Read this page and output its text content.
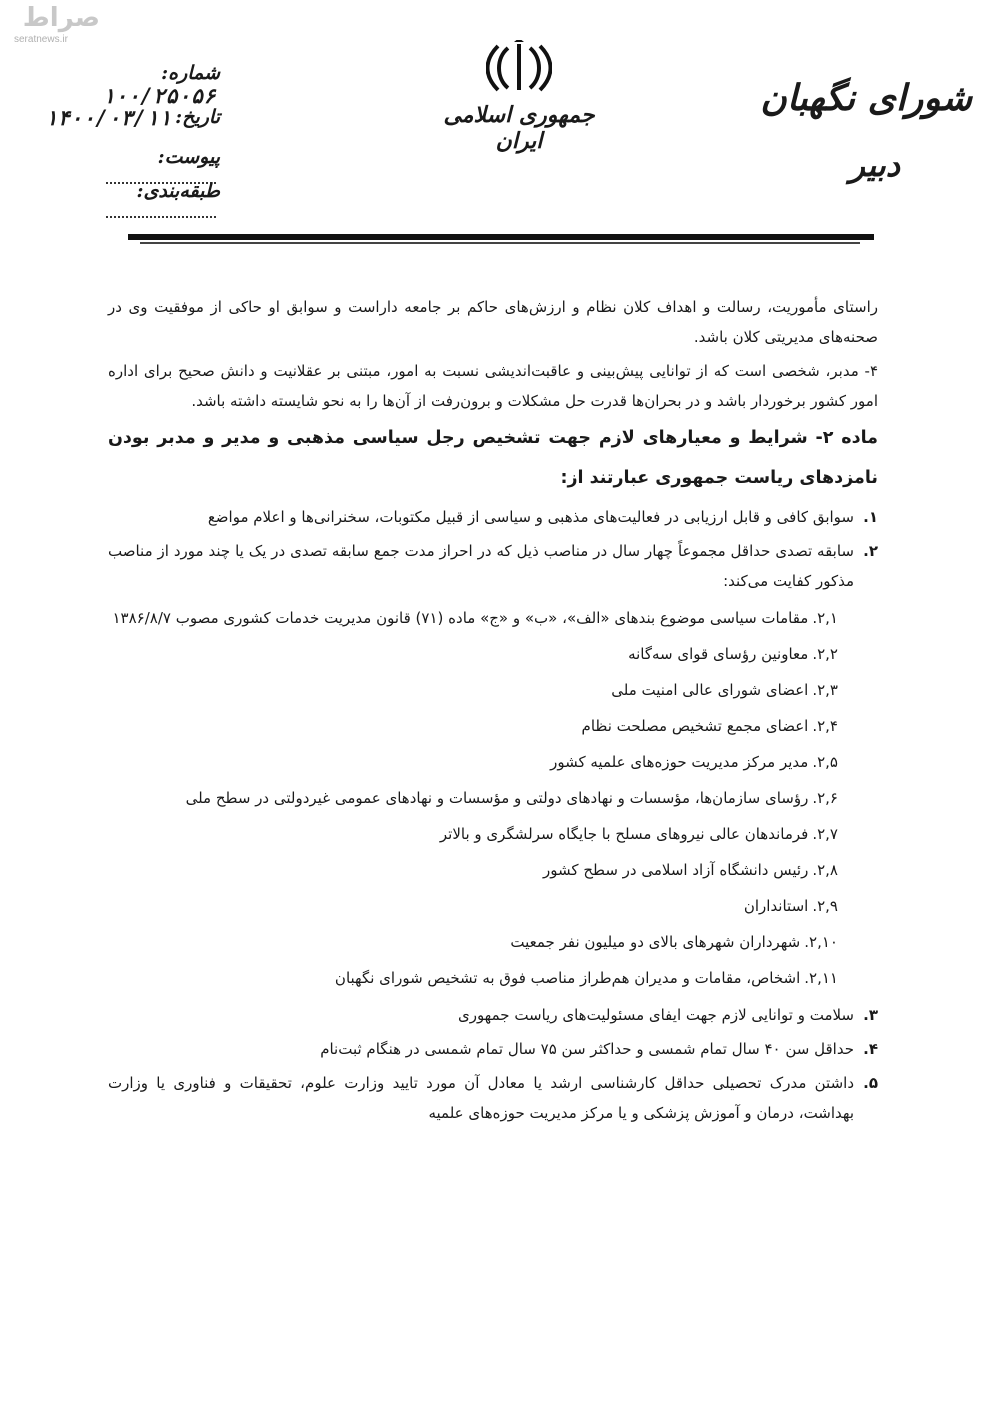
صراط
seratnews.ir
شماره:
۱۰۰/۲۵۰۵۶
تاریخ:
۱۴۰۰/۰۳/۱۱
پیوست:
طبقه‌بندی:
جمهوری اسلامی ایران
شورای نگهبان
دبیر

راستای مأموریت، رسالت و اهداف کلان نظام و ارزش‌های حاکم بر جامعه داراست و سوابق او حاکی از موفقیت وی در صحنه‌های مدیریتی کلان باشد.

۴- مدبر، شخصی است که از توانایی پیش‌بینی و عاقبت‌اندیشی نسبت به امور، مبتنی بر عقلانیت و دانش صحیح برای اداره امور کشور برخوردار باشد و در بحران‌ها قدرت حل مشکلات و برون‌رفت از آن‌ها را به نحو شایسته داشته باشد.

ماده ۲- شرایط و معیارهای لازم جهت تشخیص رجل سیاسی مذهبی و مدیر و مدبر بودن نامزدهای ریاست جمهوری عبارتند از:

۱.
سوابق کافی و قابل ارزیابی در فعالیت‌های مذهبی و سیاسی از قبیل مکتوبات، سخنرانی‌ها و اعلام مواضع
۲.
سابقه تصدی حداقل مجموعاً چهار سال در مناصب ذیل که در احراز مدت جمع سابقه تصدی در یک یا چند مورد از مناصب مذکور کفایت می‌کند:
۲,۱.مقامات سیاسی موضوع بندهای «الف»، «ب» و «ج» ماده (۷۱) قانون مدیریت خدمات کشوری مصوب ۱۳۸۶/۸/۷
۲,۲.معاونین رؤسای قوای سه‌گانه
۲,۳.اعضای شورای عالی امنیت ملی
۲,۴.اعضای مجمع تشخیص مصلحت نظام
۲,۵.مدیر مرکز مدیریت حوزه‌های علمیه کشور
۲,۶.رؤسای سازمان‌ها، مؤسسات و نهادهای دولتی و مؤسسات و نهادهای عمومی غیردولتی در سطح ملی
۲,۷.فرماندهان عالی نیروهای مسلح با جایگاه سرلشگری و بالاتر
۲,۸.رئیس دانشگاه آزاد اسلامی در سطح کشور
۲,۹.استانداران
۲,۱۰.شهرداران شهرهای بالای دو میلیون نفر جمعیت
۲,۱۱.اشخاص، مقامات و مدیران هم‌طراز مناصب فوق به تشخیص شورای نگهبان
۳.
سلامت و توانایی لازم جهت ایفای مسئولیت‌های ریاست جمهوری
۴.
حداقل سن ۴۰ سال تمام شمسی و حداکثر سن ۷۵ سال تمام شمسی در هنگام ثبت‌نام
۵.
داشتن مدرک تحصیلی حداقل کارشناسی ارشد یا معادل آن مورد تایید وزارت علوم، تحقیقات و فناوری یا وزارت بهداشت، درمان و آموزش پزشکی و یا مرکز مدیریت حوزه‌های علمیه
